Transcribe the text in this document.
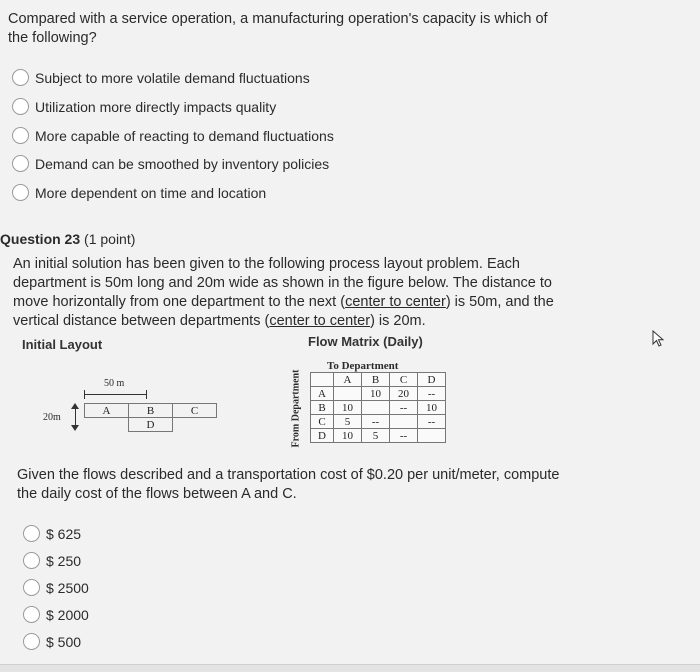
Compared with a service operation, a manufacturing operation's capacity is which of
the following?
Subject to more volatile demand fluctuations
Utilization more directly impacts quality
More capable of reacting to demand fluctuations
Demand can be smoothed by inventory policies
More dependent on time and location
Question 23 (1 point)
An initial solution has been given to the following process layout problem. Each
department is 50m long and 20m wide as shown in the figure below. The distance to
move horizontally from one department to the next (center to center) is 50m, and the
vertical distance between departments (center to center) is 20m.
Initial Layout	Flow Matrix (Daily)
50 m
20m
A	B	C
	D	
To Department
From Department
		A	B	C	D
A		10	20	--
B	10		--	10
C	5	--		--
D	10	5	--	
Given the flows described and a transportation cost of $0.20 per unit/meter, compute
the daily cost of the flows between A and C.
$ 625
$ 250
$ 2500
$ 2000
$ 500
